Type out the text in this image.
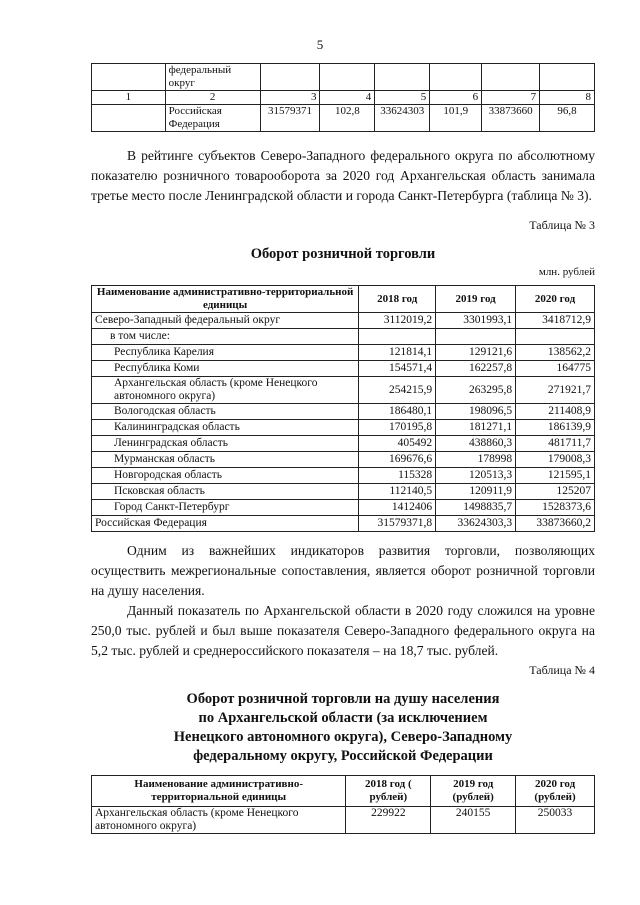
5
	федеральный округ						
1	2	3	4	5	6	7	8
	Российская Федерация	31579371	102,8	33624303	101,9	33873660	96,8

В рейтинге субъектов Северо-Западного федерального округа по абсолютному показателю розничного товарооборота за 2020 год Архангельская область занимала третье место после Ленинградской области и города Санкт-Петербурга (таблица № 3).

Таблица № 3
Оборот розничной торговли
млн. рублей
Наименование административно-территориальной единицы	2018 год	2019 год	2020 год
Северо-Западный федеральный округ	3112019,2	3301993,1	3418712,9
в том числе:			
Республика Карелия	121814,1	129121,6	138562,2
Республика Коми	154571,4	162257,8	164775
Архангельская область (кроме Ненецкого автономного округа)	254215,9	263295,8	271921,7
Вологодская область	186480,1	198096,5	211408,9
Калининградская область	170195,8	181271,1	186139,9
Ленинградская область	405492	438860,3	481711,7
Мурманская область	169676,6	178998	179008,3
Новгородская область	115328	120513,3	121595,1
Псковская область	112140,5	120911,9	125207
Город Санкт-Петербург	1412406	1498835,7	1528373,6
Российская Федерация	31579371,8	33624303,3	33873660,2

Одним из важнейших индикаторов развития торговли, позволяющих осуществить межрегиональные сопоставления, является оборот розничной торговли на душу населения.

Данный показатель по Архангельской области в 2020 году сложился на уровне 250,0 тыс. рублей и был выше показателя Северо-Западного федерального округа на 5,2 тыс. рублей и среднероссийского показателя – на 18,7 тыс. рублей.

Таблица № 4
Оборот розничной торговли на душу населения
по Архангельской области (за исключением
Ненецкого автономного округа), Северо-Западному
федеральному округу, Российской Федерации
Наименование административно-территориальной единицы	2018 год ( рублей)	2019 год (рублей)	2020 год (рублей)
Архангельская область (кроме Ненецкого автономного округа)	229922	240155	250033
